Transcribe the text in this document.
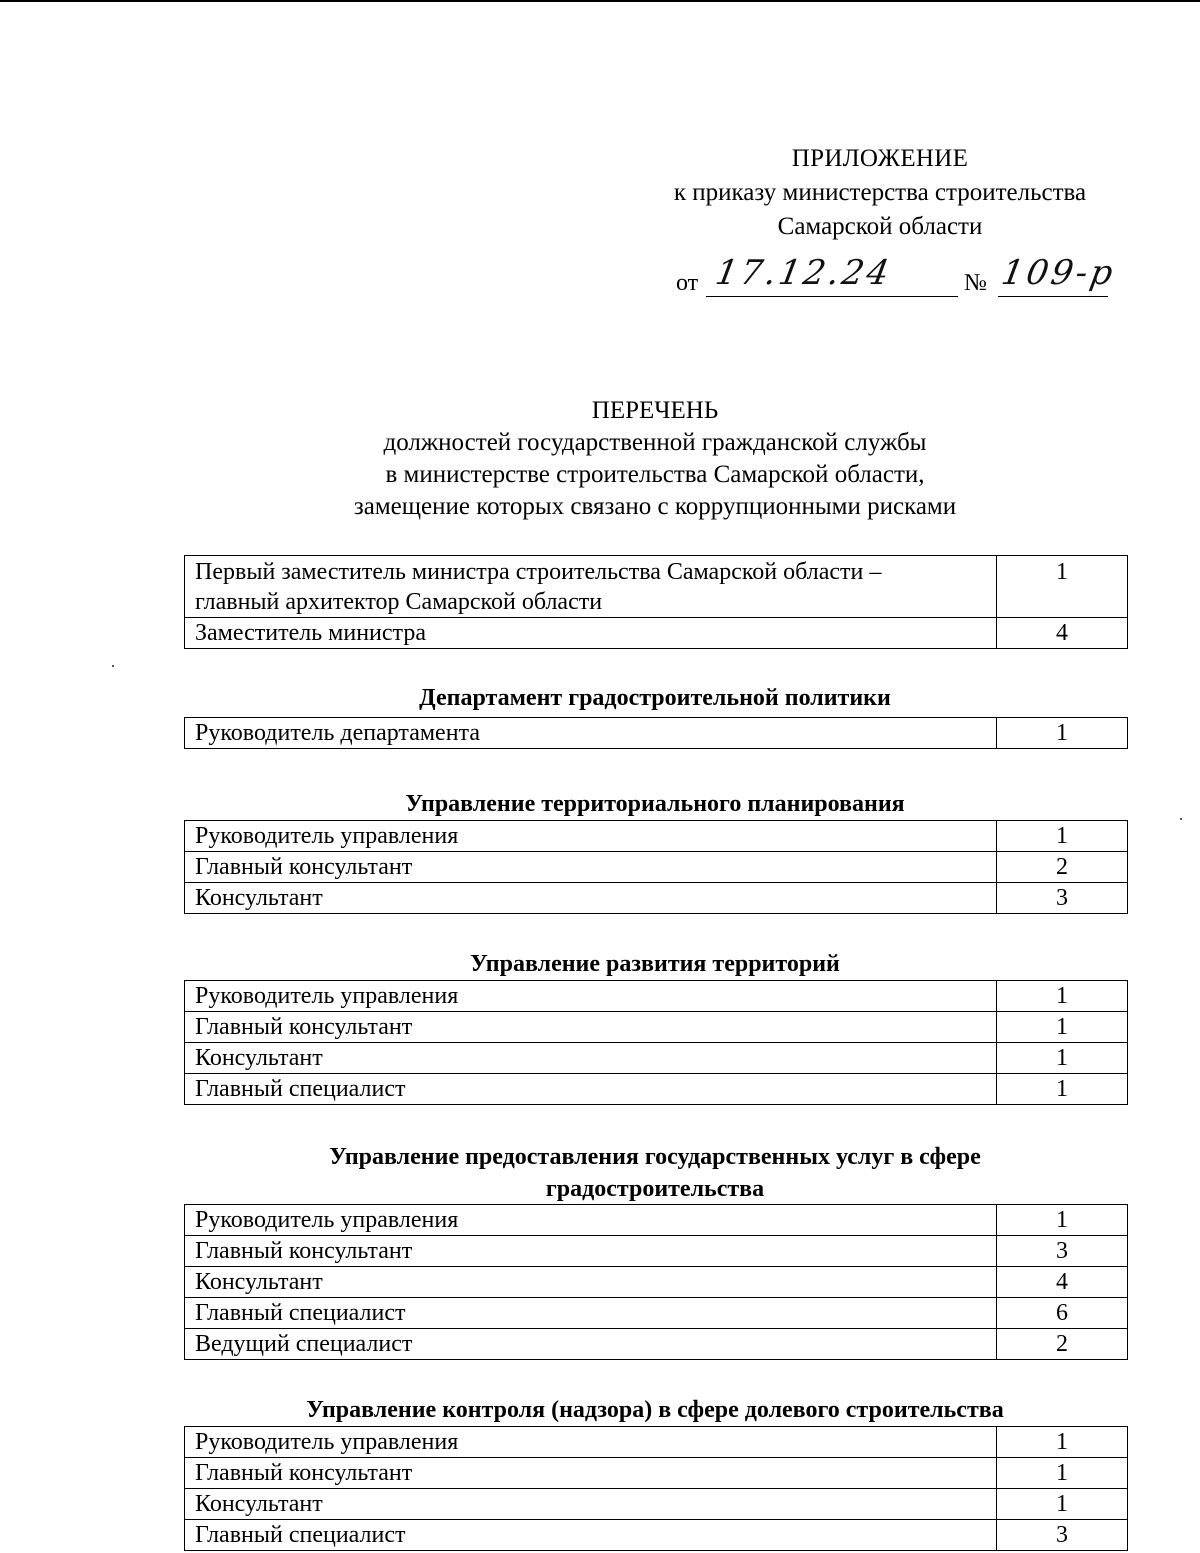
ПРИЛОЖЕНИЕ
к приказу министерства строительства
Самарской области
от 17.12.24	№ 109-р
ПЕРЕЧЕНЬ
должностей государственной гражданской службы
в министерстве строительства Самарской области,
замещение которых связано с коррупционными рисками
Первый заместитель министра строительства Самарской области –
главный архитектор Самарской области	1
Заместитель министра	4
Департамент градостроительной политики
Руководитель департамента	1
Управление территориального планирования
Руководитель управления	1
Главный консультант	2
Консультант	3
Управление развития территорий
Руководитель управления	1
Главный консультант	1
Консультант	1
Главный специалист	1
Управление предоставления государственных услуг в сфере
градостроительства
Руководитель управления	1
Главный консультант	3
Консультант	4
Главный специалист	6
Ведущий специалист	2
Управление контроля (надзора) в сфере долевого строительства
Руководитель управления	1
Главный консультант	1
Консультант	1
Главный специалист	3
